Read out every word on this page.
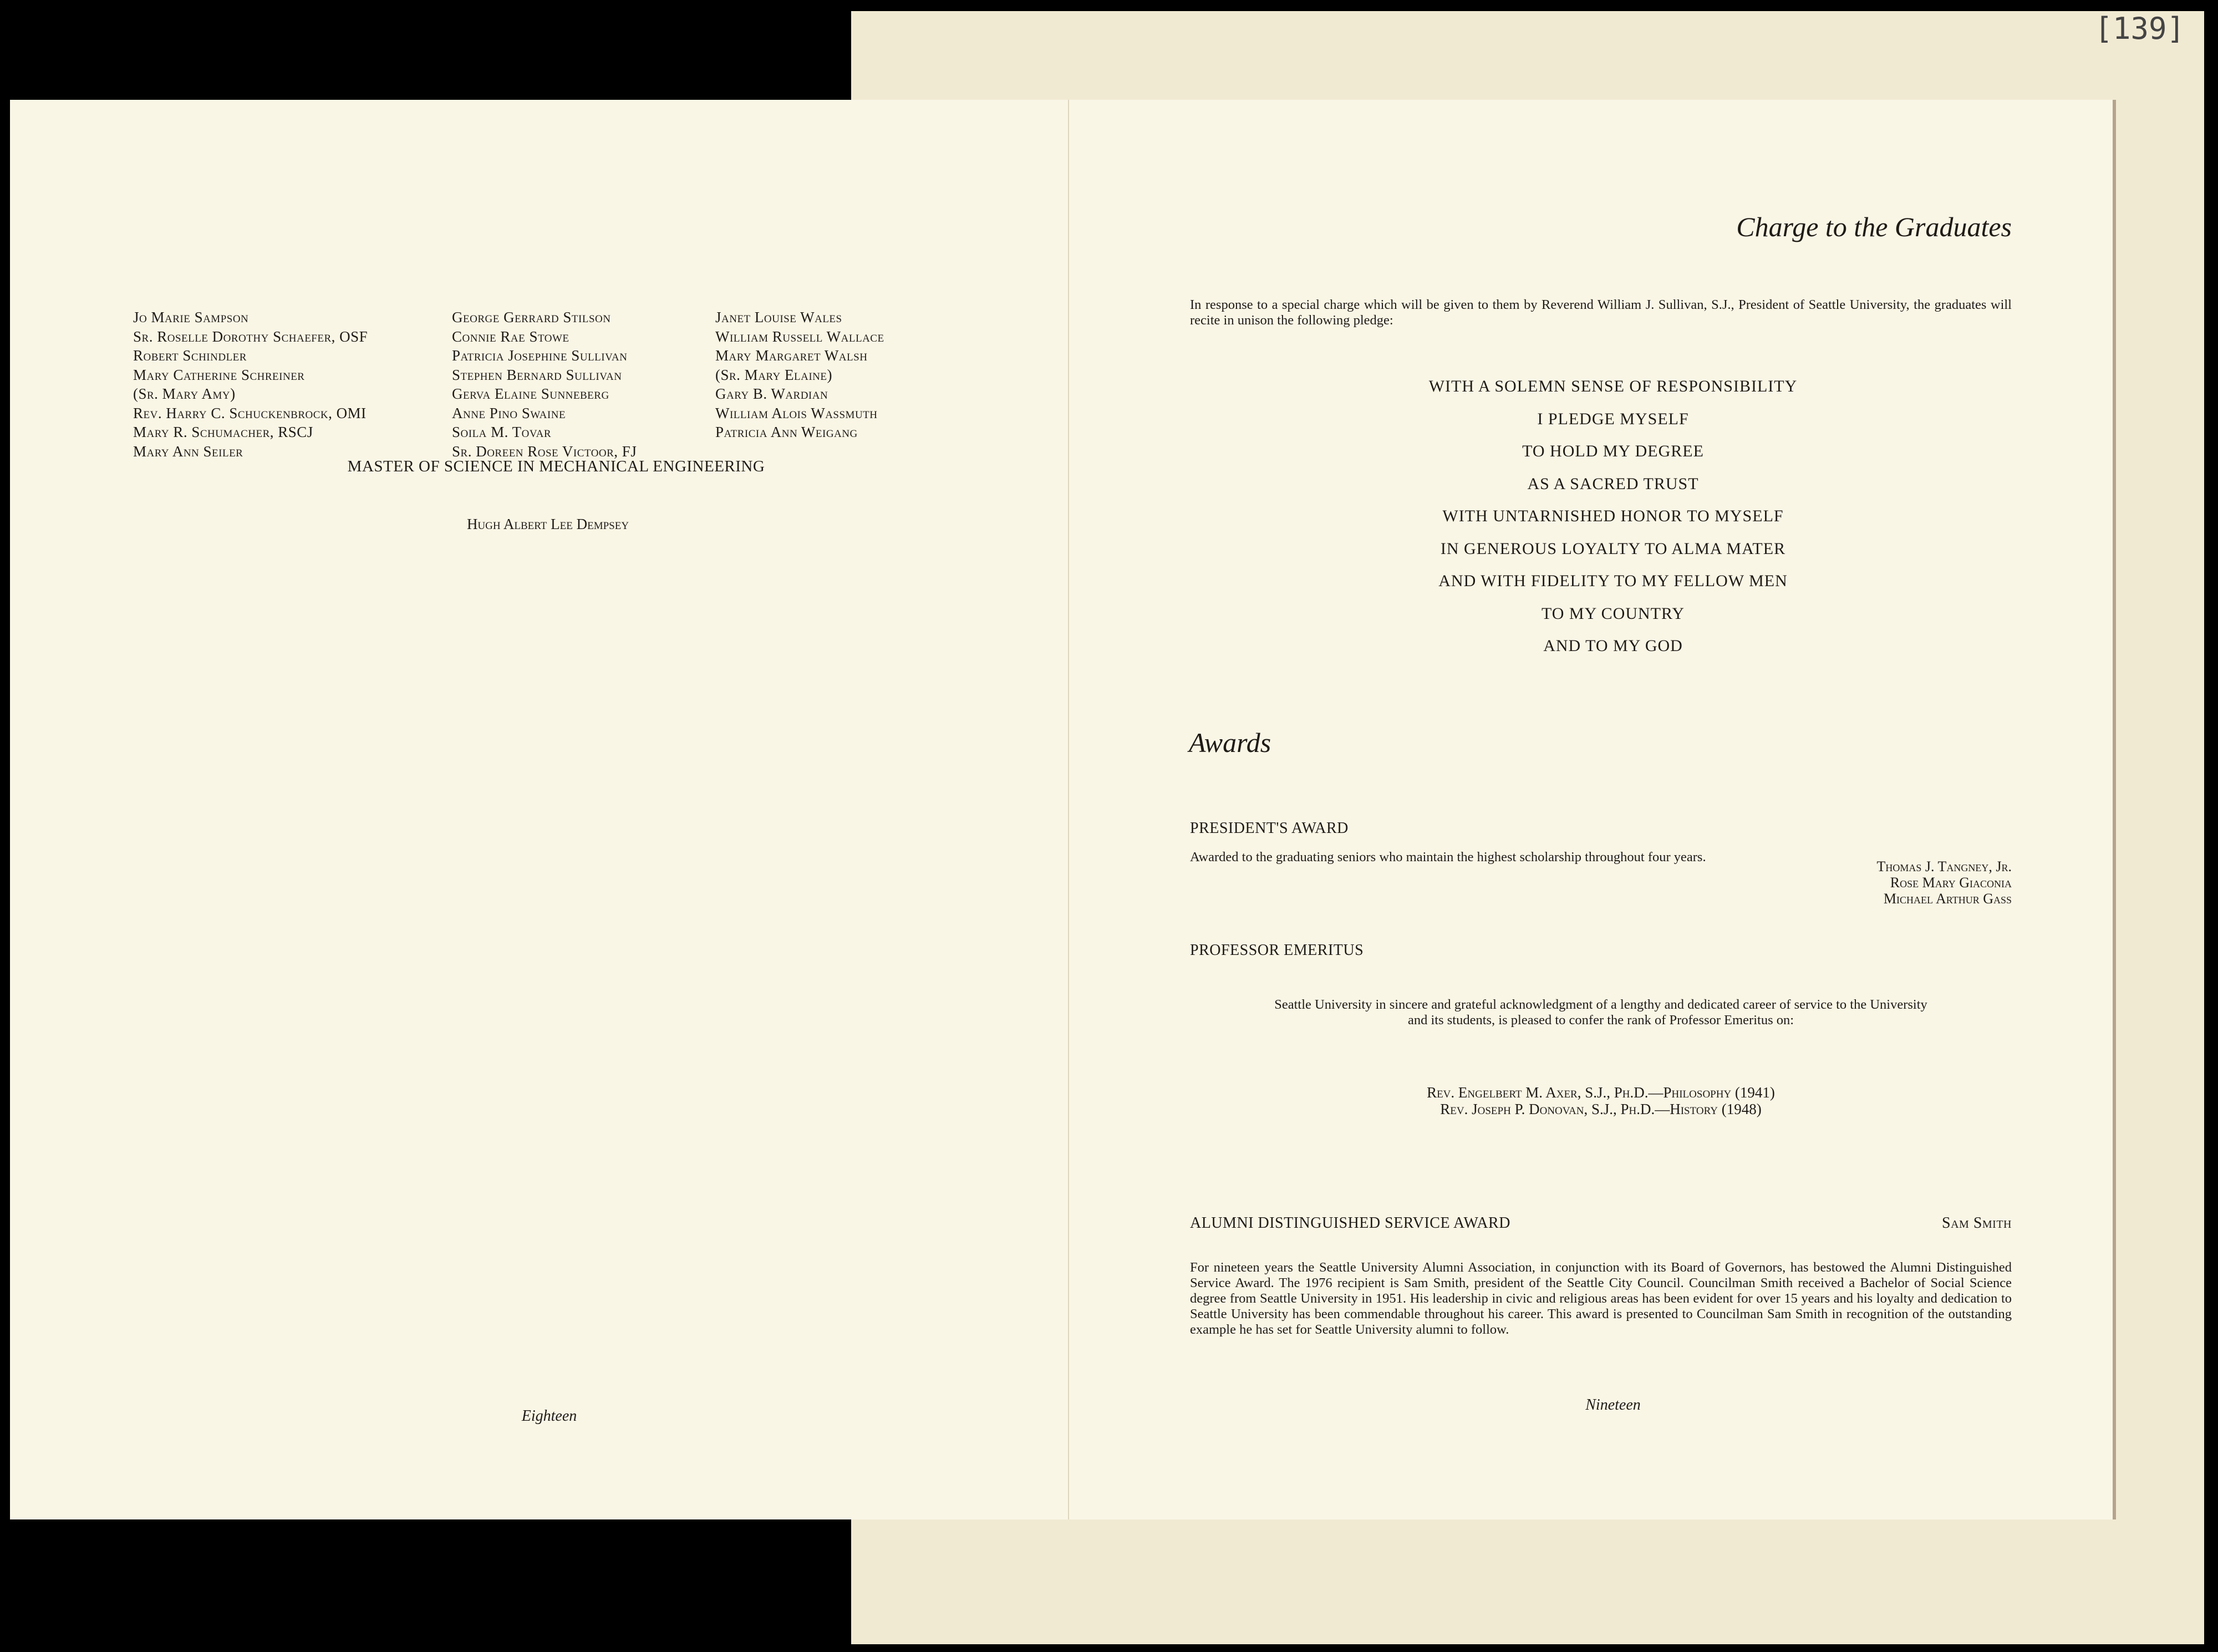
[139]
Jo Marie Sampson
Sr. Roselle Dorothy Schaefer, OSF
Robert Schindler
Mary Catherine Schreiner
(Sr. Mary Amy)
Rev. Harry C. Schuckenbrock, OMI
Mary R. Schumacher, RSCJ
Mary Ann Seiler
George Gerrard Stilson
Connie Rae Stowe
Patricia Josephine Sullivan
Stephen Bernard Sullivan
Gerva Elaine Sunneberg
Anne Pino Swaine
Soila M. Tovar
Sr. Doreen Rose Victoor, FJ
Janet Louise Wales
William Russell Wallace
Mary Margaret Walsh
(Sr. Mary Elaine)
Gary B. Wardian
William Alois Wassmuth
Patricia Ann Weigang
MASTER OF SCIENCE IN MECHANICAL ENGINEERING
Hugh Albert Lee Dempsey
Eighteen
Charge to the Graduates
In response to a special charge which will be given to them by Reverend William J. Sullivan, S.J., President of Seattle University, the graduates will recite in unison the following pledge:
WITH A SOLEMN SENSE OF RESPONSIBILITY
I PLEDGE MYSELF
TO HOLD MY DEGREE
AS A SACRED TRUST
WITH UNTARNISHED HONOR TO MYSELF
IN GENEROUS LOYALTY TO ALMA MATER
AND WITH FIDELITY TO MY FELLOW MEN
TO MY COUNTRY
AND TO MY GOD
Awards
Thomas J. Tangney, Jr.
Rose Mary Giaconia
Michael Arthur Gass
PRESIDENT'S AWARD
Awarded to the graduating seniors who maintain the highest scholarship throughout four years.
PROFESSOR EMERITUS
Seattle University in sincere and grateful acknowledgment of a lengthy and dedicated career of service to the University
and its students, is pleased to confer the rank of Professor Emeritus on:
Rev. Engelbert M. Axer, S.J., Ph.D.—Philosophy (1941)
Rev. Joseph P. Donovan, S.J., Ph.D.—History (1948)
ALUMNI DISTINGUISHED SERVICE AWARD	Sam Smith
For nineteen years the Seattle University Alumni Association, in conjunction with its Board of Governors, has bestowed the Alumni Distinguished Service Award. The 1976 recipient is Sam Smith, president of the Seattle City Council. Councilman Smith received a Bachelor of Social Science degree from Seattle University in 1951. His leadership in civic and religious areas has been evident for over 15 years and his loyalty and dedication to Seattle University has been commendable throughout his career. This award is presented to Councilman Sam Smith in recognition of the outstanding example he has set for Seattle University alumni to follow.
Nineteen
